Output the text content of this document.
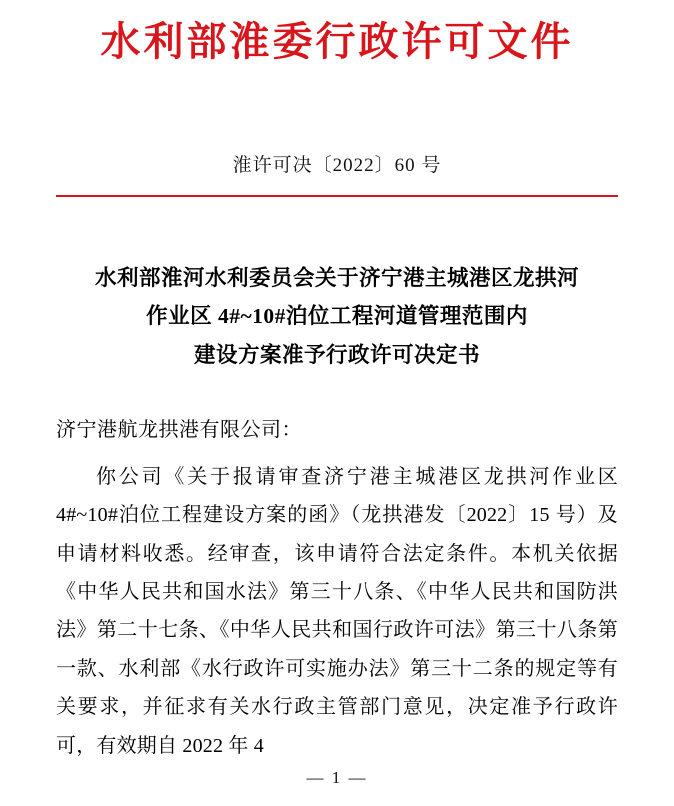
水利部淮委行政许可文件
淮许可决〔2022〕60 号
水利部淮河水利委员会关于济宁港主城港区龙拱河
作业区 4#~10#泊位工程河道管理范围内
建设方案准予行政许可决定书
济宁港航龙拱港有限公司：

你公司《关于报请审查济宁港主城港区龙拱河作业区 4#~10#泊位工程建设方案的函》（龙拱港发〔2022〕15 号）及申请材料收悉。经审查，该申请符合法定条件。本机关依据《中华人民共和国水法》第三十八条、《中华人民共和国防洪法》第二十七条、《中华人民共和国行政许可法》第三十八条第一款、水利部《水行政许可实施办法》第三十二条的规定等有关要求，并征求有关水行政主管部门意见，决定准予行政许可，有效期自 2022 年 4

— 1 —
